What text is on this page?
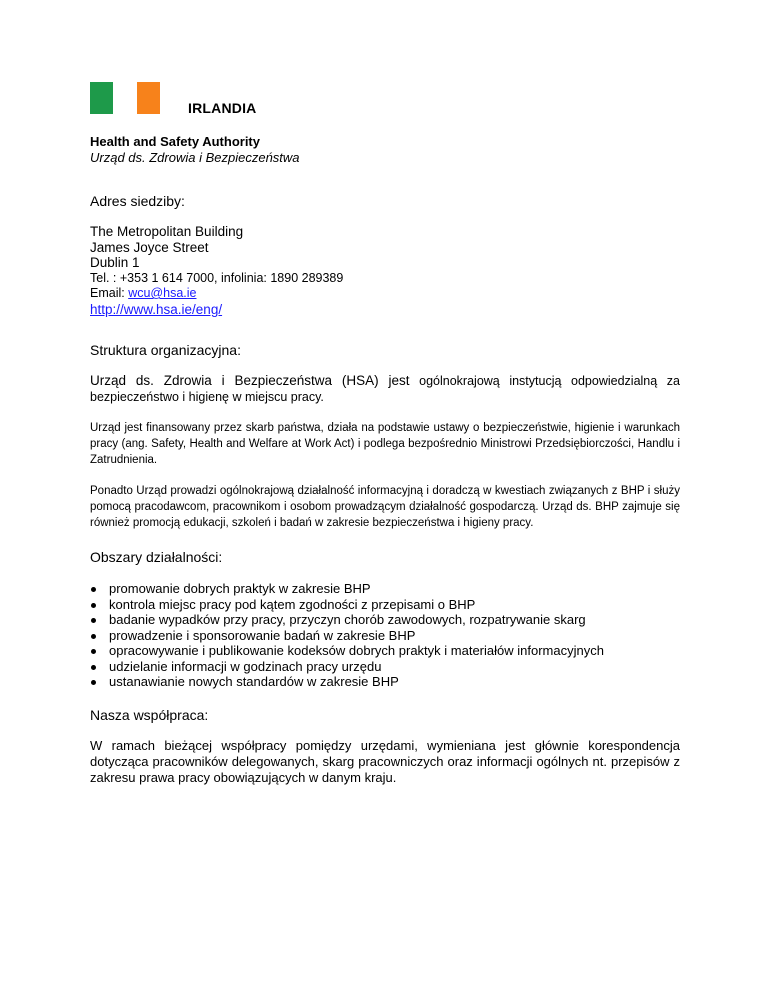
IRLANDIA
Health and Safety Authority
Urząd ds. Zdrowia i Bezpieczeństwa
Adres siedziby:
The Metropolitan Building
James Joyce Street
Dublin 1
Tel. : +353 1 614 7000, infolinia: 1890 289389
Email: wcu@hsa.ie
http://www.hsa.ie/eng/
Struktura organizacyjna:

Urząd ds. Zdrowia i Bezpieczeństwa (HSA) jest ogólnokrajową instytucją odpowiedzialną za bezpieczeństwo i higienę w miejscu pracy.

Urząd jest finansowany przez skarb państwa, działa na podstawie ustawy o bezpieczeństwie, higienie i warunkach pracy (ang. Safety, Health and Welfare at Work Act) i podlega bezpośrednio Ministrowi Przedsiębiorczości, Handlu i Zatrudnienia.

Ponadto Urząd prowadzi ogólnokrajową działalność informacyjną i doradczą w kwestiach związanych z BHP i służy pomocą pracodawcom, pracownikom i osobom prowadzącym działalność gospodarczą. Urząd ds. BHP zajmuje się również promocją edukacji, szkoleń i badań w zakresie bezpieczeństwa i higieny pracy.

Obszary działalności:
promowanie dobrych praktyk w zakresie BHP
kontrola miejsc pracy pod kątem zgodności z przepisami o BHP
badanie wypadków przy pracy, przyczyn chorób zawodowych, rozpatrywanie skarg
prowadzenie i sponsorowanie badań w zakresie BHP
opracowywanie i publikowanie kodeksów dobrych praktyk i materiałów informacyjnych
udzielanie informacji w godzinach pracy urzędu
ustanawianie nowych standardów w zakresie BHP
Nasza współpraca:

W ramach bieżącej współpracy pomiędzy urzędami, wymieniana jest głównie korespondencja dotycząca pracowników delegowanych, skarg pracowniczych oraz informacji ogólnych nt. przepisów z zakresu prawa pracy obowiązujących w danym kraju.
